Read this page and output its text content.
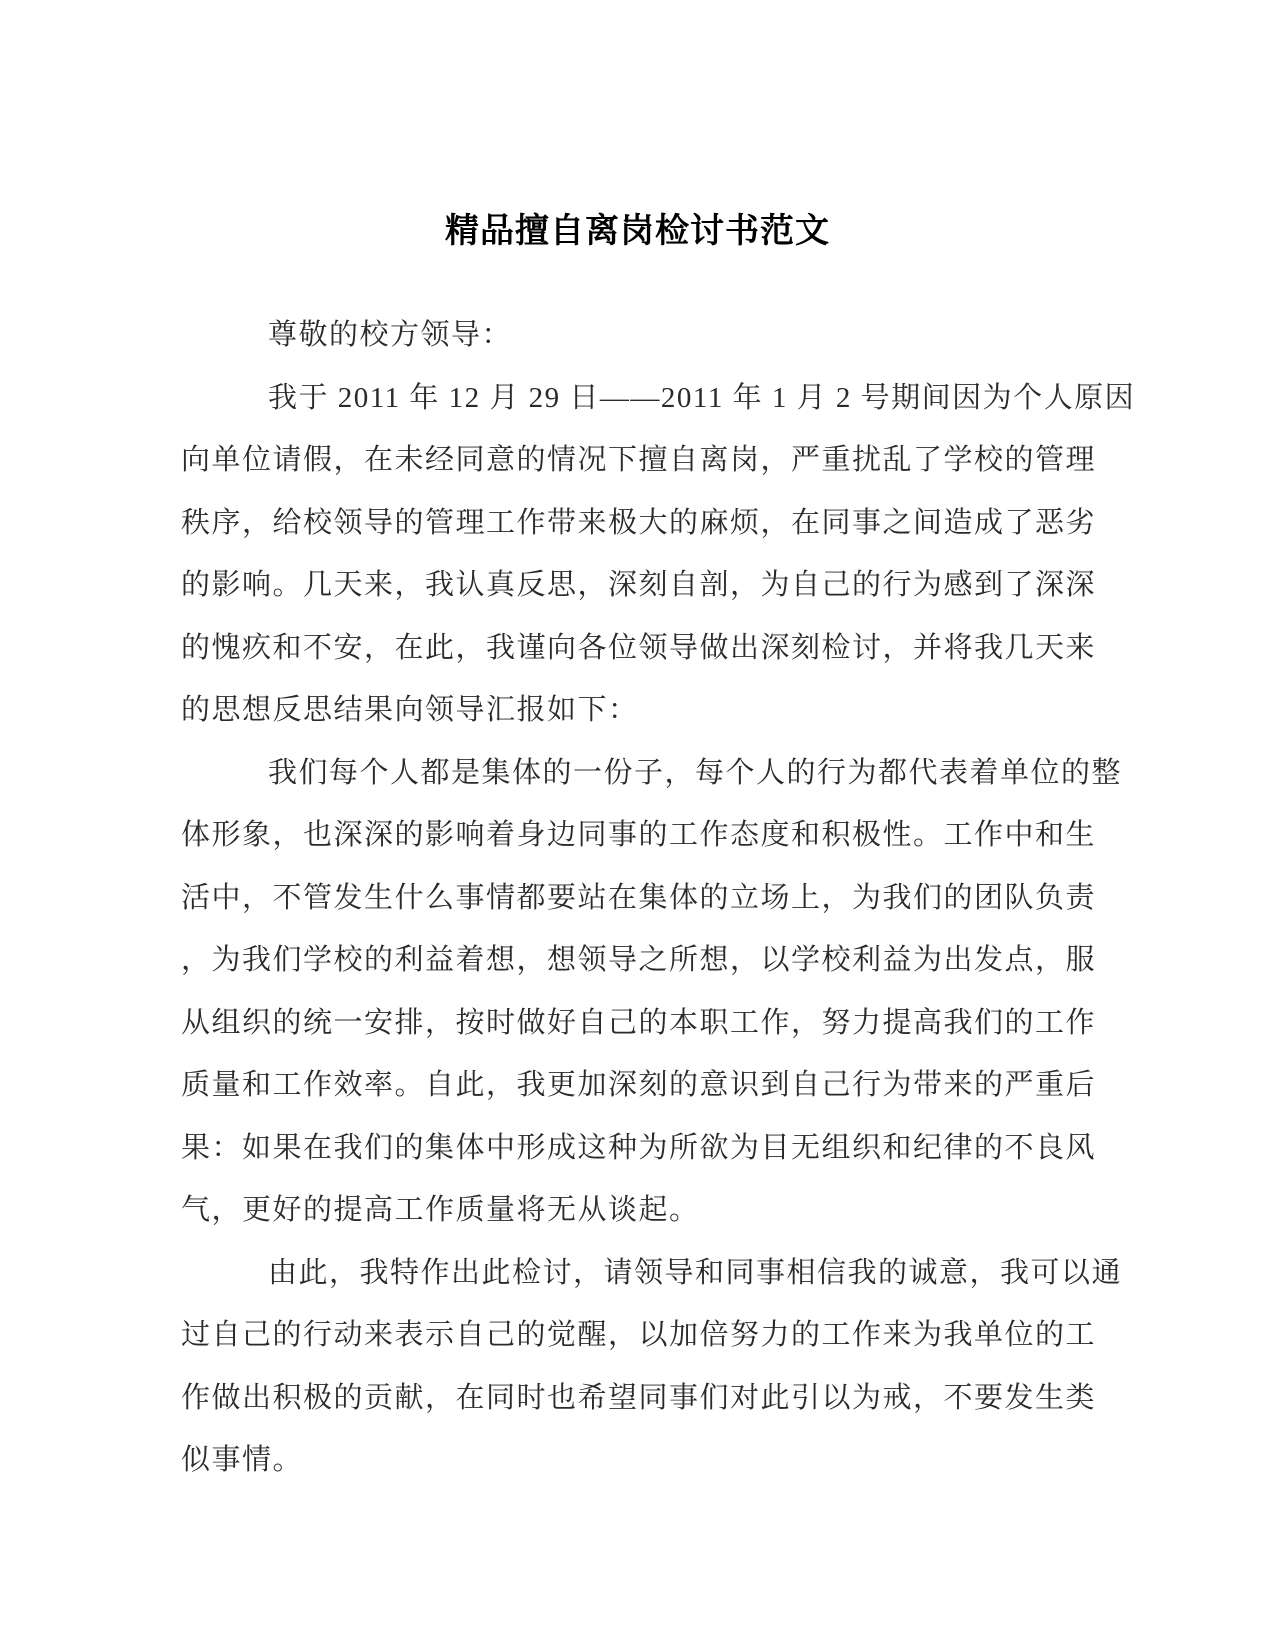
精品擅自离岗检讨书范文

尊敬的校方领导：

我于 2011 年 12 月 29 日——2011 年 1 月 2 号期间因为个人原因

向单位请假，在未经同意的情况下擅自离岗，严重扰乱了学校的管理

秩序，给校领导的管理工作带来极大的麻烦，在同事之间造成了恶劣

的影响。几天来，我认真反思，深刻自剖，为自己的行为感到了深深

的愧疚和不安，在此，我谨向各位领导做出深刻检讨，并将我几天来

的思想反思结果向领导汇报如下：

我们每个人都是集体的一份子，每个人的行为都代表着单位的整

体形象，也深深的影响着身边同事的工作态度和积极性。工作中和生

活中，不管发生什么事情都要站在集体的立场上，为我们的团队负责

，为我们学校的利益着想，想领导之所想，以学校利益为出发点，服

从组织的统一安排，按时做好自己的本职工作，努力提高我们的工作

质量和工作效率。自此，我更加深刻的意识到自己行为带来的严重后

果：如果在我们的集体中形成这种为所欲为目无组织和纪律的不良风

气，更好的提高工作质量将无从谈起。

由此，我特作出此检讨，请领导和同事相信我的诚意，我可以通

过自己的行动来表示自己的觉醒，以加倍努力的工作来为我单位的工

作做出积极的贡献，在同时也希望同事们对此引以为戒，不要发生类

似事情。
